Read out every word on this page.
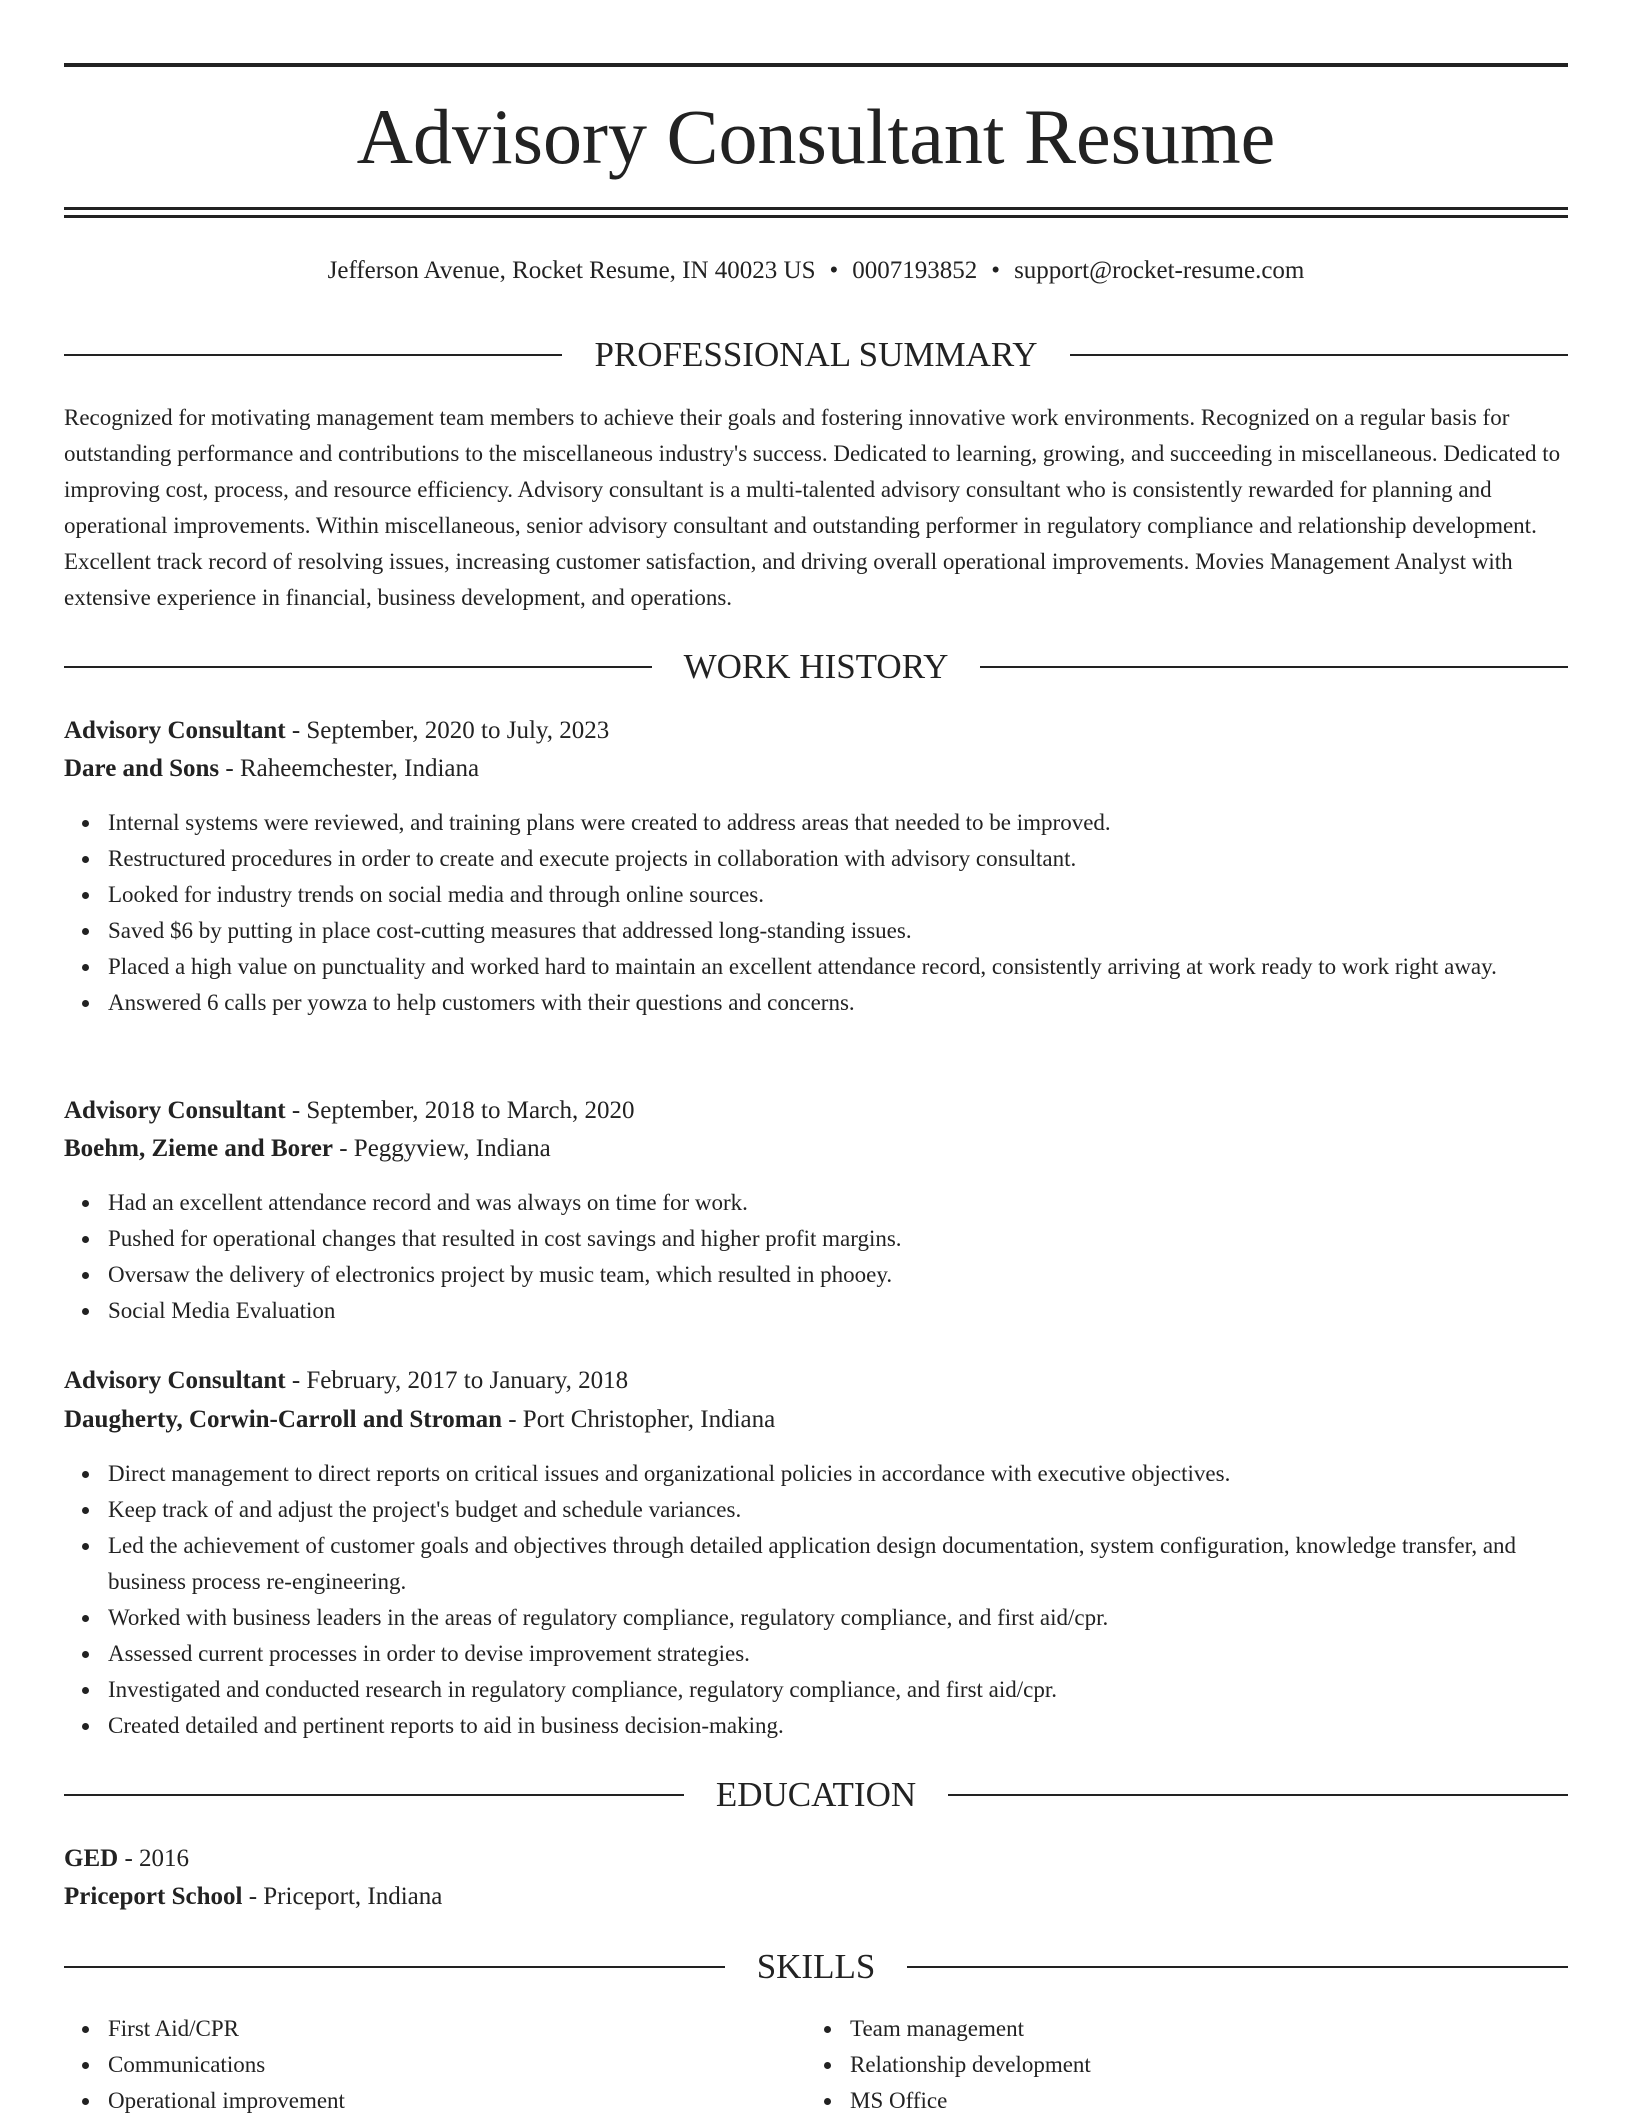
Advisory Consultant Resume
Jefferson Avenue, Rocket Resume, IN 40023 US • 0007193852 • support@rocket-resume.com
PROFESSIONAL SUMMARY

Recognized for motivating management team members to achieve their goals and fostering innovative work environments. Recognized on a regular basis for outstanding performance and contributions to the miscellaneous industry's success. Dedicated to learning, growing, and succeeding in miscellaneous. Dedicated to improving cost, process, and resource efficiency. Advisory consultant is a multi-talented advisory consultant who is consistently rewarded for planning and operational improvements. Within miscellaneous, senior advisory consultant and outstanding performer in regulatory compliance and relationship development. Excellent track record of resolving issues, increasing customer satisfaction, and driving overall operational improvements. Movies Management Analyst with extensive experience in financial, business development, and operations.

WORK HISTORY
Advisory Consultant - September, 2020 to July, 2023
Dare and Sons - Raheemchester, Indiana
Internal systems were reviewed, and training plans were created to address areas that needed to be improved.
Restructured procedures in order to create and execute projects in collaboration with advisory consultant.
Looked for industry trends on social media and through online sources.
Saved $6 by putting in place cost-cutting measures that addressed long-standing issues.
Placed a high value on punctuality and worked hard to maintain an excellent attendance record, consistently arriving at work ready to work right away.
Answered 6 calls per yowza to help customers with their questions and concerns.
Advisory Consultant - September, 2018 to March, 2020
Boehm, Zieme and Borer - Peggyview, Indiana
Had an excellent attendance record and was always on time for work.
Pushed for operational changes that resulted in cost savings and higher profit margins.
Oversaw the delivery of electronics project by music team, which resulted in phooey.
Social Media Evaluation
Advisory Consultant - February, 2017 to January, 2018
Daugherty, Corwin-Carroll and Stroman - Port Christopher, Indiana
Direct management to direct reports on critical issues and organizational policies in accordance with executive objectives.
Keep track of and adjust the project's budget and schedule variances.
Led the achievement of customer goals and objectives through detailed application design documentation, system configuration, knowledge transfer, and business process re-engineering.
Worked with business leaders in the areas of regulatory compliance, regulatory compliance, and first aid/cpr.
Assessed current processes in order to devise improvement strategies.
Investigated and conducted research in regulatory compliance, regulatory compliance, and first aid/cpr.
Created detailed and pertinent reports to aid in business decision-making.
EDUCATION
GED - 2016
Priceport School - Priceport, Indiana
SKILLS
First Aid/CPR
Communications
Operational improvement
Team management
Relationship development
MS Office
